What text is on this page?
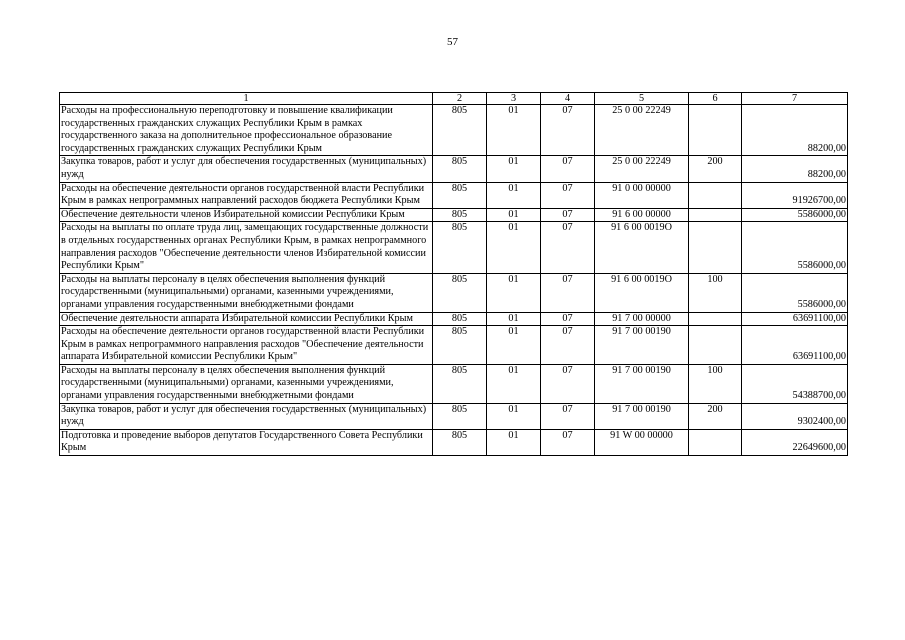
57
1	2	3	4	5	6	7
Расходы на профессиональную переподготовку и повышение квалификации государственных гражданских служащих Республики Крым в рамках государственного заказа на дополнительное профессиональное образование государственных гражданских служащих Республики Крым	805	01	07	25 0 00 22249		88200,00
Закупка товаров, работ и услуг для обеспечения государственных (муниципальных) нужд	805	01	07	25 0 00 22249	200	88200,00
Расходы на обеспечение деятельности органов государственной власти Республики Крым в рамках непрограммных направлений расходов бюджета Республики Крым	805	01	07	91 0 00 00000		91926700,00
Обеспечение деятельности членов Избирательной комиссии Республики Крым	805	01	07	91 6 00 00000		5586000,00
Расходы на выплаты по оплате труда лиц, замещающих государственные должности в отдельных государственных органах Республики Крым, в рамках непрограммного направления расходов "Обеспечение деятельности членов Избирательной комиссии Республики Крым"	805	01	07	91 6 00 0019О		5586000,00
Расходы на выплаты персоналу в целях обеспечения выполнения функций государственными (муниципальными) органами, казенными учреждениями, органами управления государственными внебюджетными фондами	805	01	07	91 6 00 0019О	100	5586000,00
Обеспечение деятельности аппарата Избирательной комиссии Республики Крым	805	01	07	91 7 00 00000		63691100,00
Расходы на обеспечение деятельности органов государственной власти Республики Крым в рамках непрограммного направления расходов "Обеспечение деятельности аппарата Избирательной комиссии Республики Крым"	805	01	07	91 7 00 00190		63691100,00
Расходы на выплаты персоналу в целях обеспечения выполнения функций государственными (муниципальными) органами, казенными учреждениями, органами управления государственными внебюджетными фондами	805	01	07	91 7 00 00190	100	54388700,00
Закупка товаров, работ и услуг для обеспечения государственных (муниципальных) нужд	805	01	07	91 7 00 00190	200	9302400,00
Подготовка и проведение выборов депутатов Государственного Совета Республики Крым	805	01	07	91 W 00 00000		22649600,00
